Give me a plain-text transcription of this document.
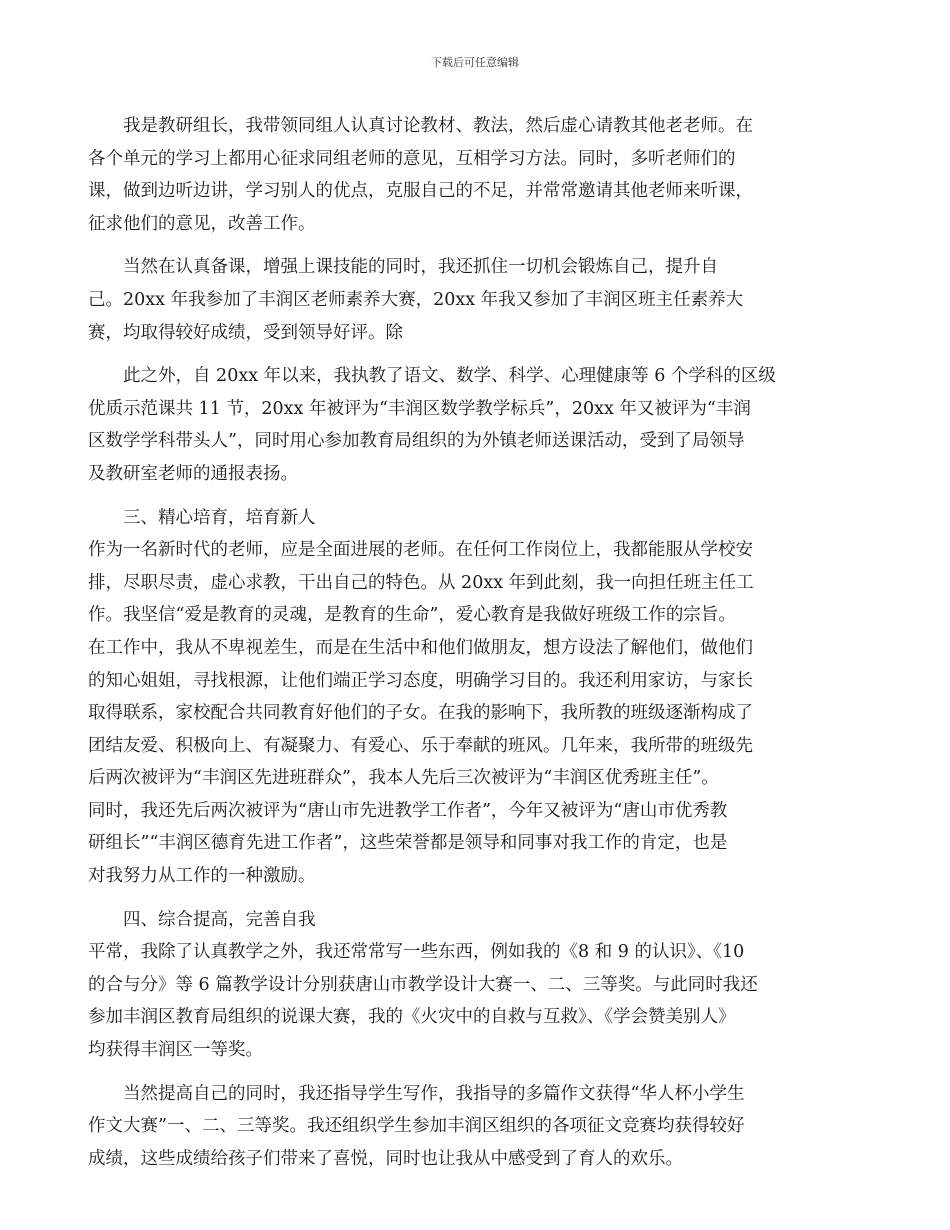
下载后可任意编辑

我是教研组长，我带领同组人认真讨论教材、教法，然后虚心请教其他老老师。在
各个单元的学习上都用心征求同组老师的意见，互相学习方法。同时，多听老师们的
课，做到边听边讲，学习别人的优点，克服自己的不足，并常常邀请其他老师来听课，
征求他们的意见，改善工作。

当然在认真备课，增强上课技能的同时，我还抓住一切机会锻炼自己，提升自
己。20xx 年我参加了丰润区老师素养大赛，20xx 年我又参加了丰润区班主任素养大
赛，均取得较好成绩，受到领导好评。除

此之外，自 20xx 年以来，我执教了语文、数学、科学、心理健康等 6 个学科的区级
优质示范课共 11 节，20xx 年被评为“丰润区数学教学标兵”，20xx 年又被评为“丰润
区数学学科带头人”，同时用心参加教育局组织的为外镇老师送课活动，受到了局领导
及教研室老师的通报表扬。

三、精心培育，培育新人
作为一名新时代的老师，应是全面进展的老师。在任何工作岗位上，我都能服从学校安
排，尽职尽责，虚心求教，干出自己的特色。从 20xx 年到此刻，我一向担任班主任工
作。我坚信“爱是教育的灵魂，是教育的生命”，爱心教育是我做好班级工作的宗旨。
在工作中，我从不卑视差生，而是在生活中和他们做朋友，想方设法了解他们，做他们
的知心姐姐，寻找根源，让他们端正学习态度，明确学习目的。我还利用家访，与家长
取得联系，家校配合共同教育好他们的子女。在我的影响下，我所教的班级逐渐构成了
团结友爱、积极向上、有凝聚力、有爱心、乐于奉献的班风。几年来，我所带的班级先
后两次被评为“丰润区先进班群众”，我本人先后三次被评为“丰润区优秀班主任”。
同时，我还先后两次被评为“唐山市先进教学工作者”，今年又被评为“唐山市优秀教
研组长”“丰润区德育先进工作者”，这些荣誉都是领导和同事对我工作的肯定，也是
对我努力从工作的一种激励。

四、综合提高，完善自我
平常，我除了认真教学之外，我还常常写一些东西，例如我的《8 和 9 的认识》、《10
的合与分》等 6 篇教学设计分别获唐山市教学设计大赛一、二、三等奖。与此同时我还
参加丰润区教育局组织的说课大赛，我的《火灾中的自救与互救》、《学会赞美别人》
均获得丰润区一等奖。

当然提高自己的同时，我还指导学生写作，我指导的多篇作文获得“华人杯小学生
作文大赛”一、二、三等奖。我还组织学生参加丰润区组织的各项征文竞赛均获得较好
成绩，这些成绩给孩子们带来了喜悦，同时也让我从中感受到了育人的欢乐。
